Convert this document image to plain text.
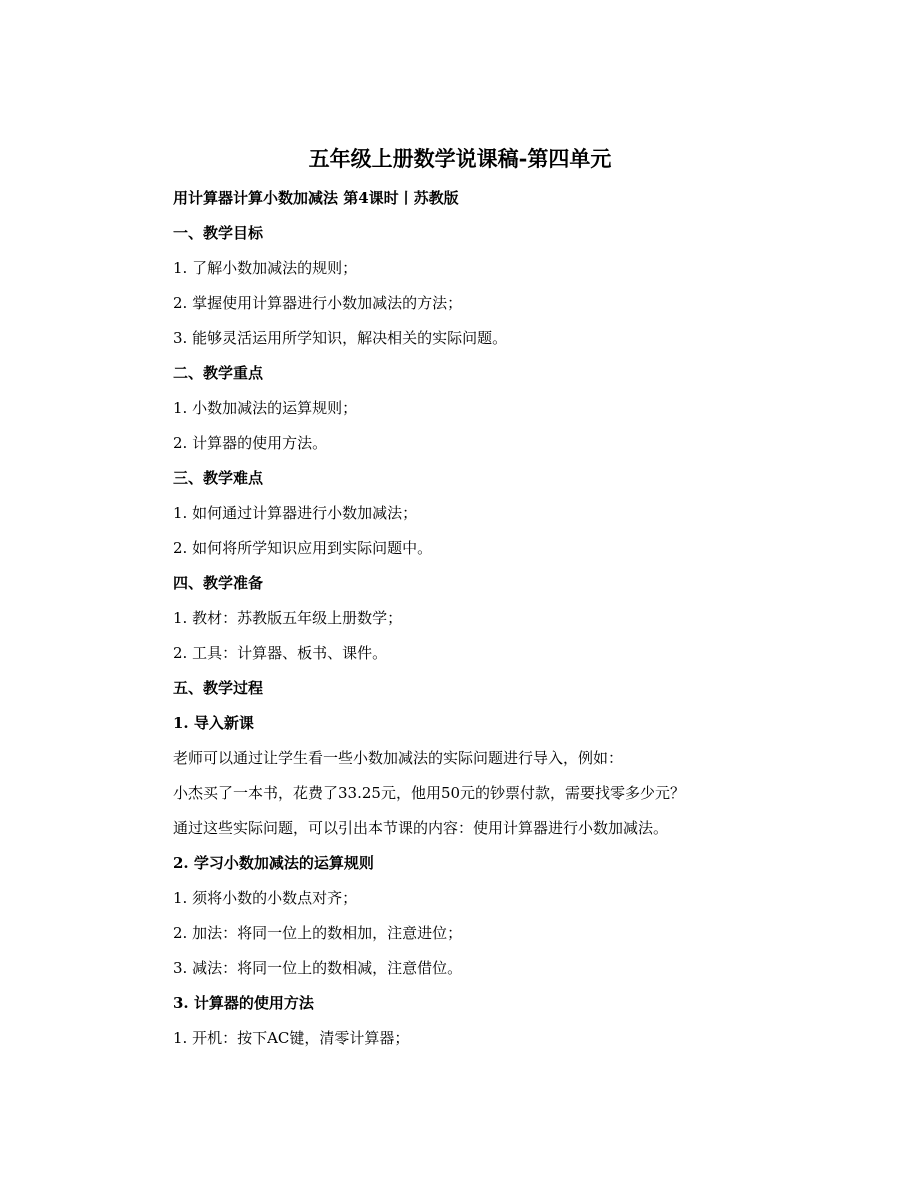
五年级上册数学说课稿-第四单元
用计算器计算小数加减法 第4课时丨苏教版
一、教学目标
1. 了解小数加减法的规则；
2. 掌握使用计算器进行小数加减法的方法；
3. 能够灵活运用所学知识，解决相关的实际问题。
二、教学重点
1. 小数加减法的运算规则；
2. 计算器的使用方法。
三、教学难点
1. 如何通过计算器进行小数加减法；
2. 如何将所学知识应用到实际问题中。
四、教学准备
1. 教材：苏教版五年级上册数学；
2. 工具：计算器、板书、课件。
五、教学过程
1. 导入新课
老师可以通过让学生看一些小数加减法的实际问题进行导入，例如：
小杰买了一本书，花费了33.25元，他用50元的钞票付款，需要找零多少元？
通过这些实际问题，可以引出本节课的内容：使用计算器进行小数加减法。
2. 学习小数加减法的运算规则
1. 须将小数的小数点对齐；
2. 加法：将同一位上的数相加，注意进位；
3. 减法：将同一位上的数相减，注意借位。
3. 计算器的使用方法
1. 开机：按下AC键，清零计算器；
